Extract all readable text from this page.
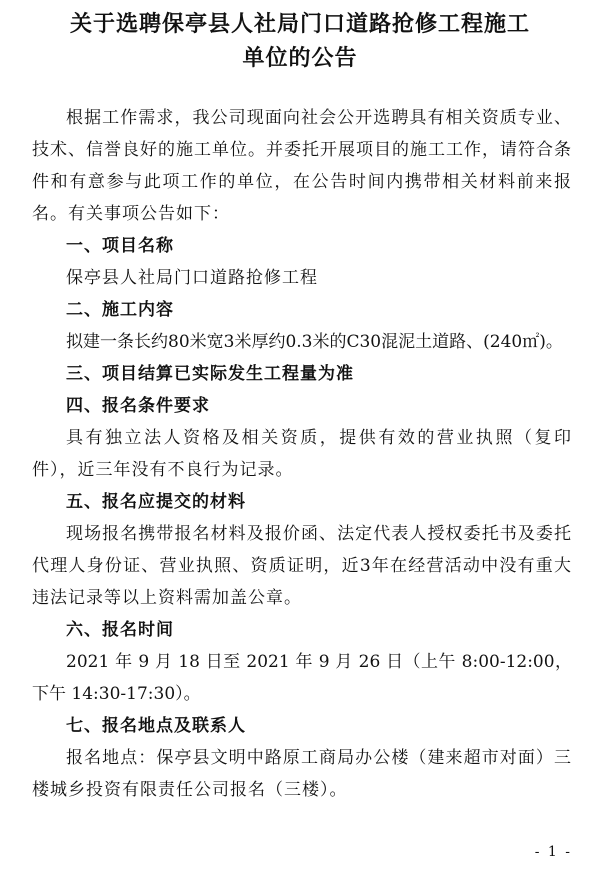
关于选聘保亭县人社局门口道路抢修工程施工
单位的公告

根据工作需求，我公司现面向社会公开选聘具有相关资质专业、技术、信誉良好的施工单位。并委托开展项目的施工工作，请符合条件和有意参与此项工作的单位，在公告时间内携带相关材料前来报名。有关事项公告如下：

一、项目名称

保亭县人社局门口道路抢修工程

二、施工内容

拟建一条长约80米宽3米厚约0.3米的C30混泥土道路、(240㎡)。

三、项目结算已实际发生工程量为准

四、报名条件要求

具有独立法人资格及相关资质，提供有效的营业执照（复印件），近三年没有不良行为记录。

五、报名应提交的材料

现场报名携带报名材料及报价函、法定代表人授权委托书及委托代理人身份证、营业执照、资质证明，近3年在经营活动中没有重大违法记录等以上资料需加盖公章。

六、报名时间

2021 年 9 月 18 日至 2021 年 9 月 26 日（上午 8:00-12:00，下午 14:30-17:30）。

七、报名地点及联系人

报名地点：保亭县文明中路原工商局办公楼（建来超市对面）三楼城乡投资有限责任公司报名（三楼）。

- 1 -
